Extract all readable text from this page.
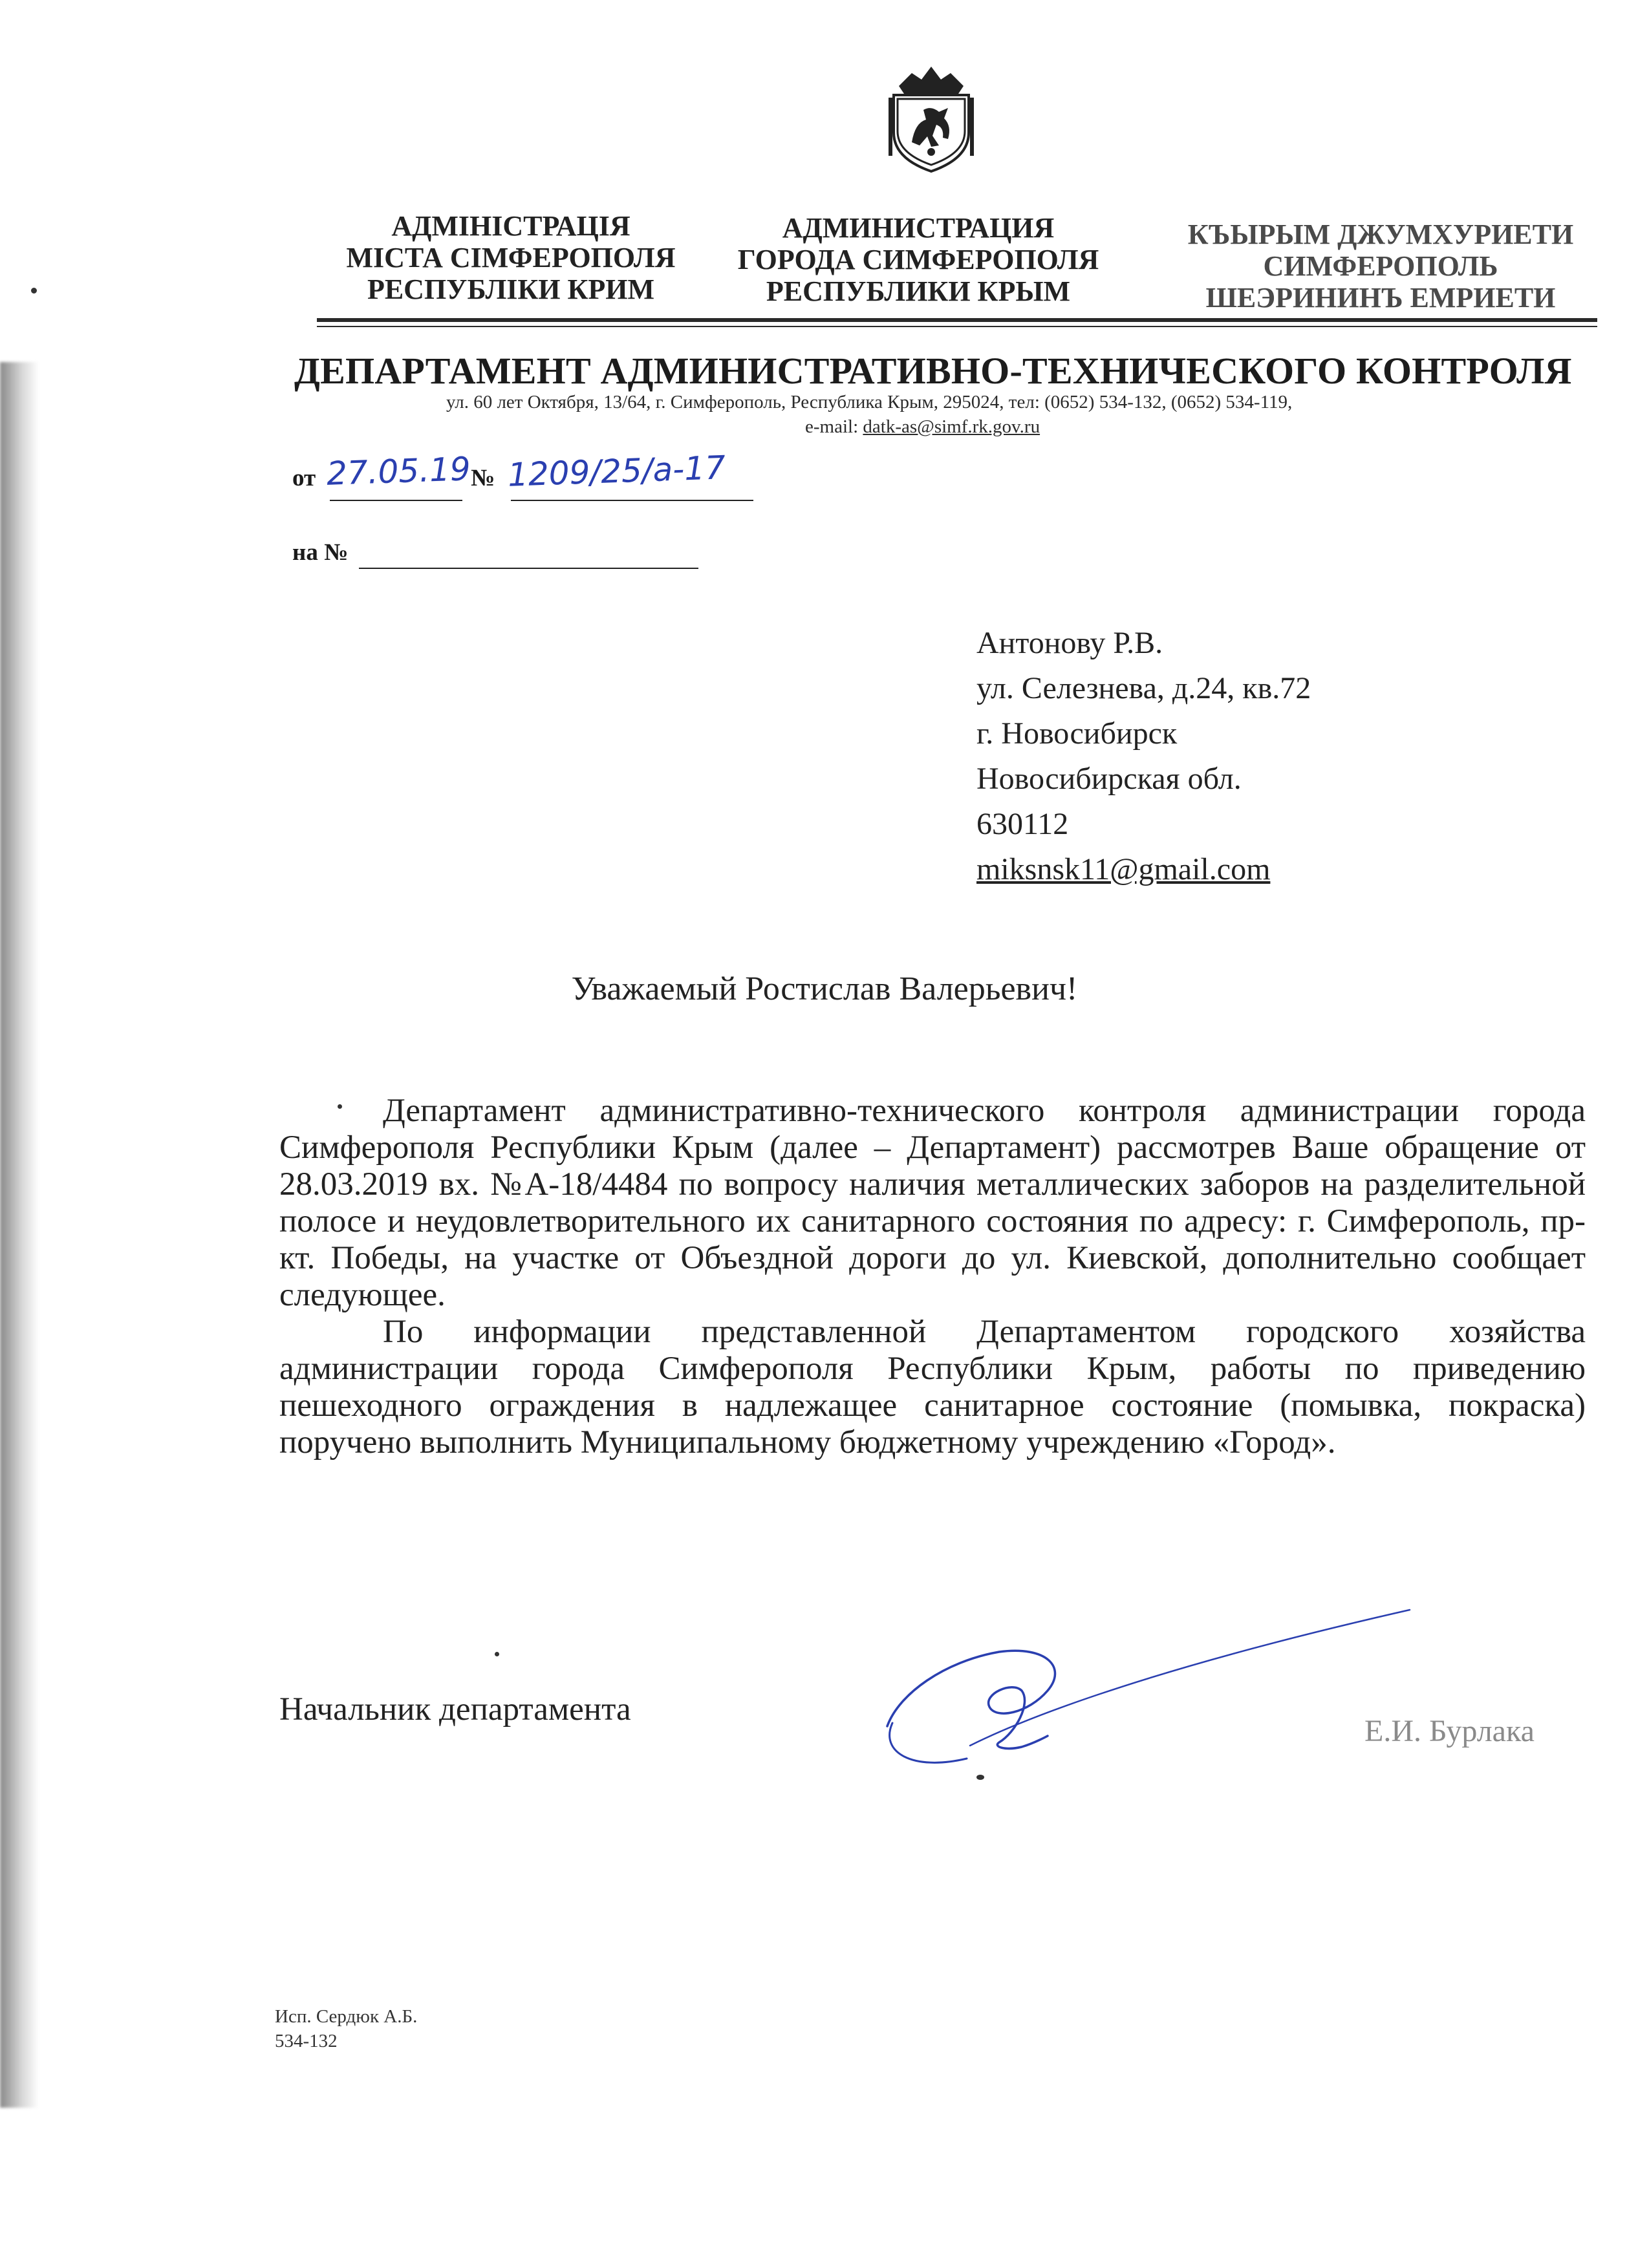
АДМІНІСТРАЦІЯ
МІСТА СІМФЕРОПОЛЯ
РЕСПУБЛІКИ КРИМ
АДМИНИСТРАЦИЯ
ГОРОДА СИМФЕРОПОЛЯ
РЕСПУБЛИКИ КРЫМ
КЪЫРЫМ ДЖУМХУРИЕТИ
СИМФЕРОПОЛЬ
ШЕЭРИНИНЪ ЕМРИЕТИ
ДЕПАРТАМЕНТ АДМИНИСТРАТИВНО-ТЕХНИЧЕСКОГО КОНТРОЛЯ
ул. 60 лет Октября, 13/64, г. Симферополь, Республика Крым, 295024, тел: (0652) 534-132, (0652) 534-119,
e-mail: datk-as@simf.rk.gov.ru
от 27.05.19 № 1209/25/а-17
на №
Антонову Р.В.
ул. Селезнева, д.24, кв.72
г. Новосибирск
Новосибирская обл.
630112
miksnsk11@gmail.com
Уважаемый Ростислав Валерьевич!

Департамент административно-технического контроля администрации города Симферополя Республики Крым (далее – Департамент) рассмотрев Ваше обращение от 28.03.2019 вх. №А-18/4484 по вопросу наличия металлических заборов на разделительной полосе и неудовлетворительного их санитарного состояния по адресу: г. Симферополь, пр-кт. Победы, на участке от Объездной дороги до ул. Киевской, дополнительно сообщает следующее.

По информации представленной Департаментом городского хозяйства администрации города Симферополя Республики Крым, работы по приведению пешеходного ограждения в надлежащее санитарное состояние (помывка, покраска) поручено выполнить Муниципальному бюджетному учреждению «Город».

Начальник департамента
Е.И. Бурлака
Исп. Сердюк А.Б.
534-132
